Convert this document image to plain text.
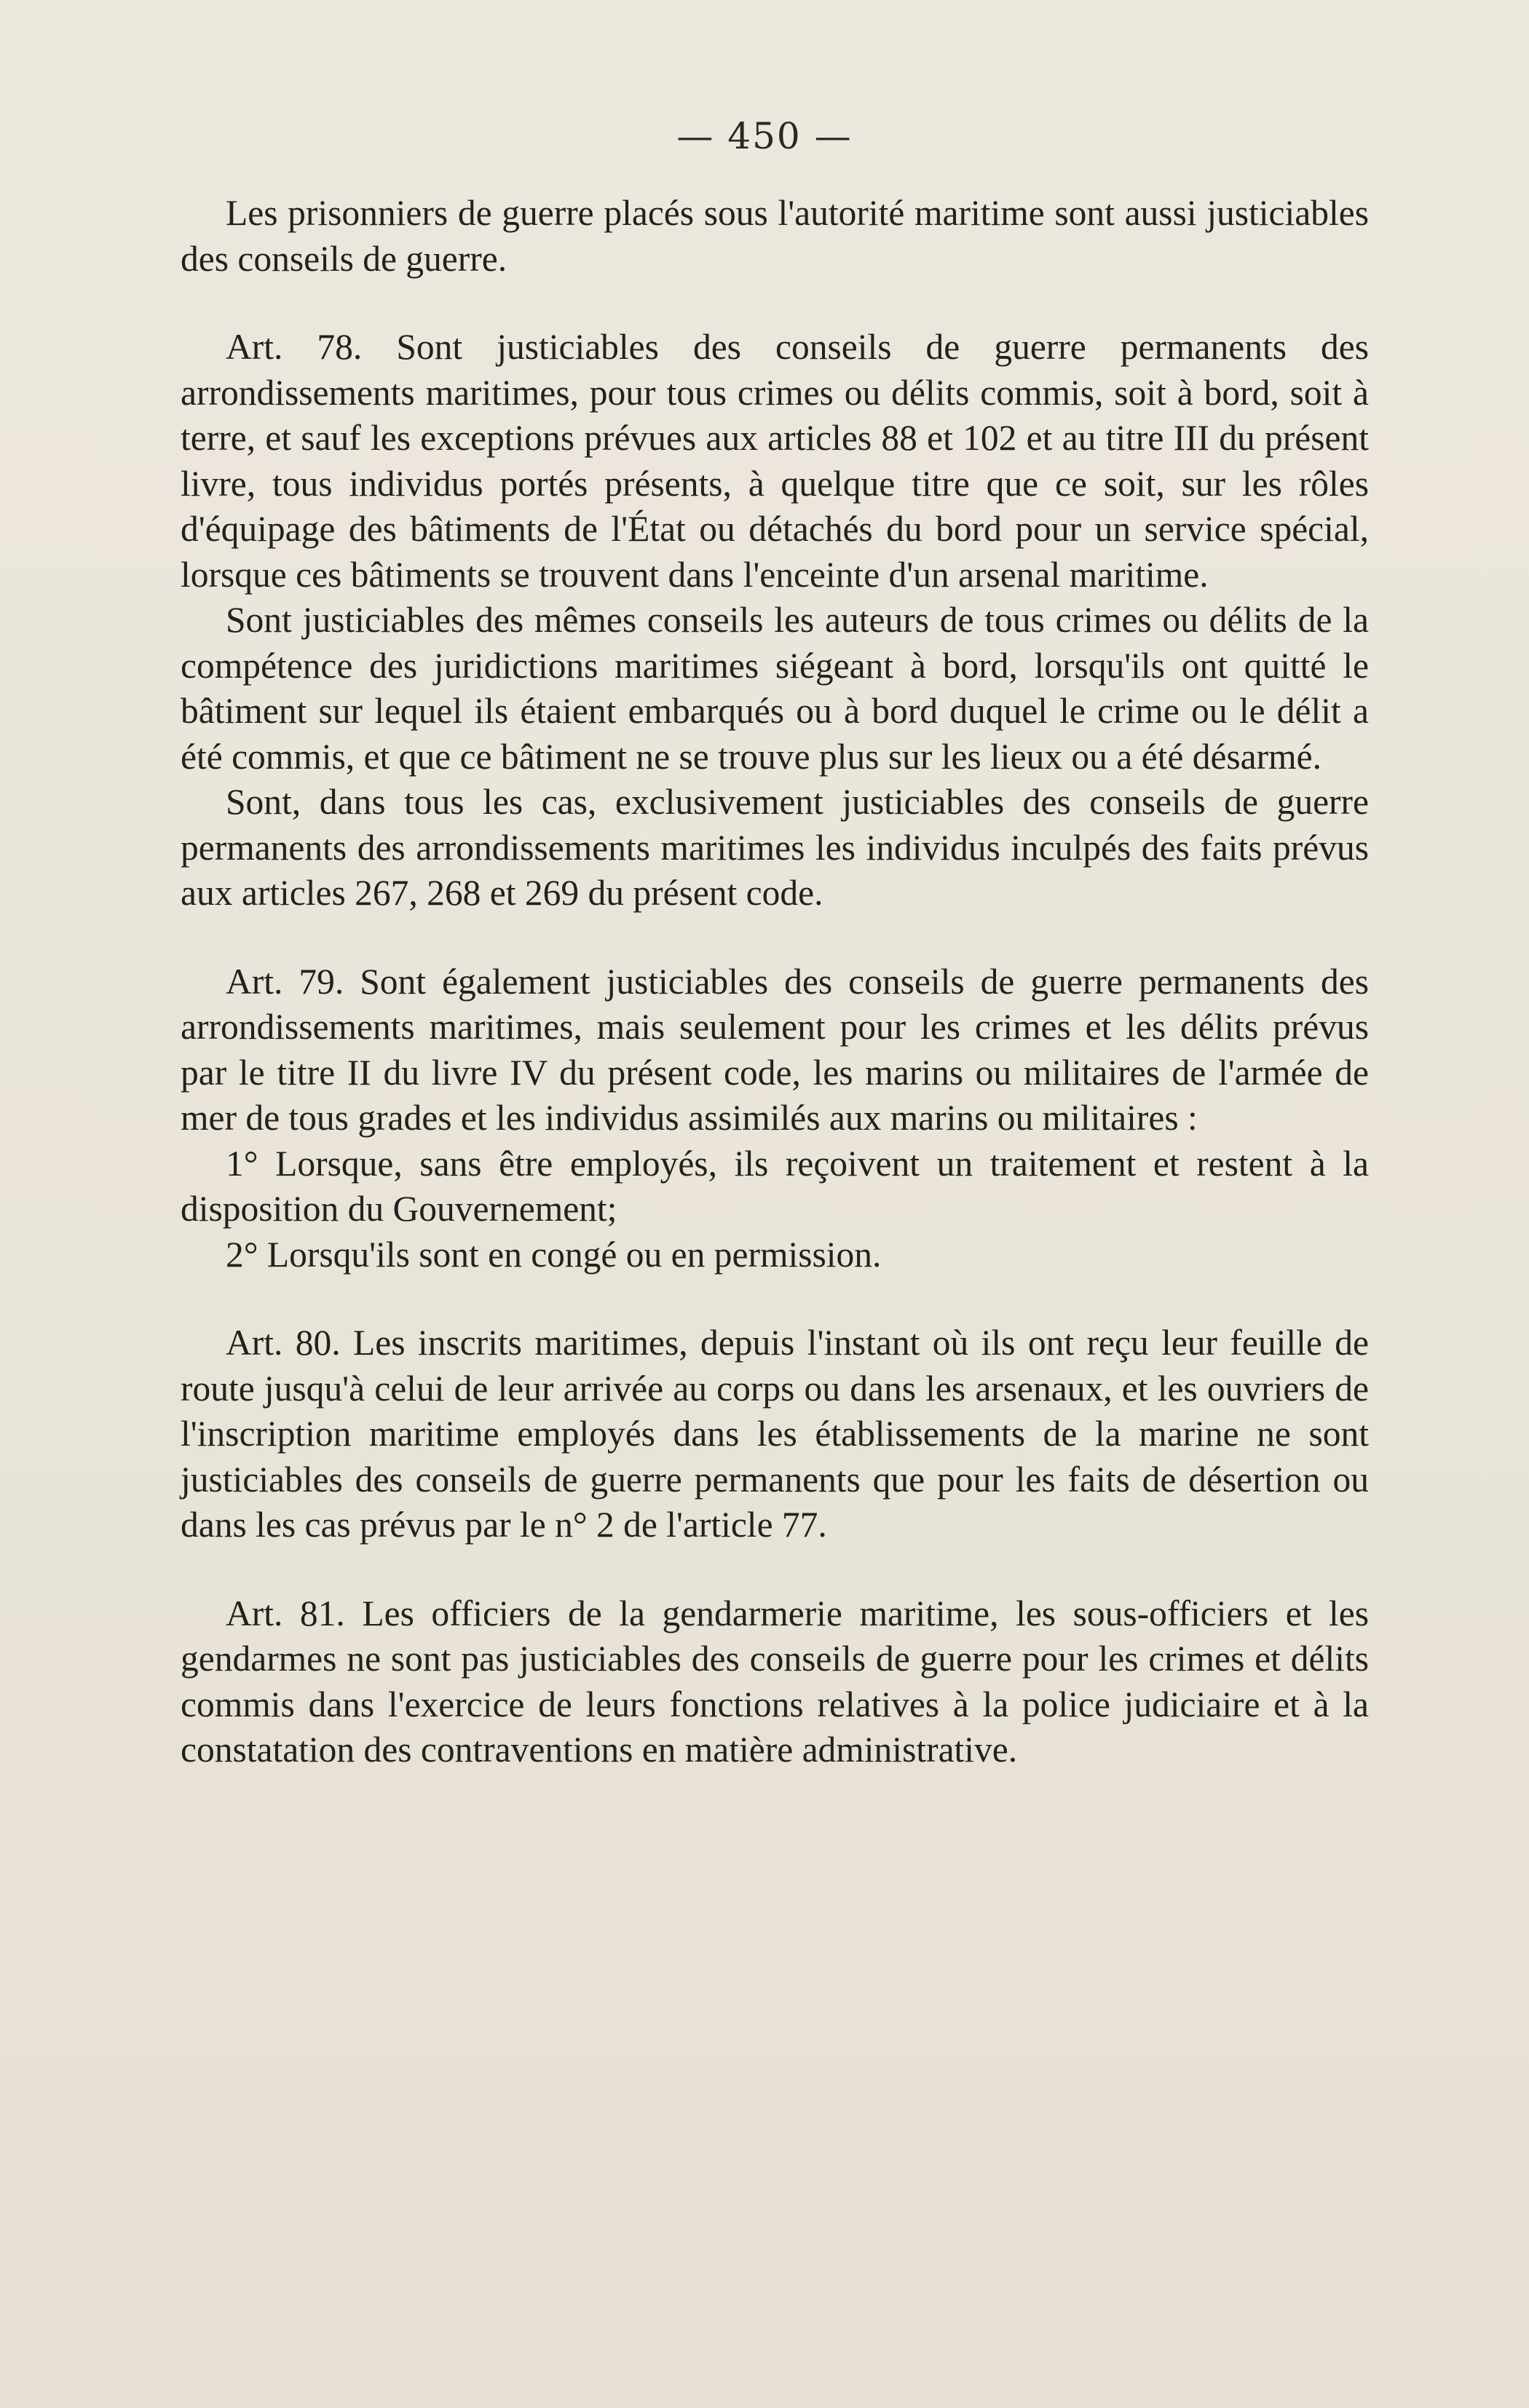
— 450 —

Les prisonniers de guerre placés sous l'autorité maritime sont aussi justiciables des conseils de guerre.

Art. 78. Sont justiciables des conseils de guerre permanents des arrondissements maritimes, pour tous crimes ou délits commis, soit à bord, soit à terre, et sauf les exceptions prévues aux articles 88 et 102 et au titre III du présent livre, tous individus portés présents, à quelque titre que ce soit, sur les rôles d'équipage des bâtiments de l'État ou détachés du bord pour un service spécial, lorsque ces bâtiments se trouvent dans l'enceinte d'un arsenal maritime.

Sont justiciables des mêmes conseils les auteurs de tous crimes ou délits de la compétence des juridictions maritimes siégeant à bord, lorsqu'ils ont quitté le bâtiment sur lequel ils étaient embarqués ou à bord duquel le crime ou le délit a été commis, et que ce bâtiment ne se trouve plus sur les lieux ou a été désarmé.

Sont, dans tous les cas, exclusivement justiciables des conseils de guerre permanents des arrondissements maritimes les individus inculpés des faits prévus aux articles 267, 268 et 269 du présent code.

Art. 79. Sont également justiciables des conseils de guerre permanents des arrondissements maritimes, mais seulement pour les crimes et les délits prévus par le titre II du livre IV du présent code, les marins ou militaires de l'armée de mer de tous grades et les individus assimilés aux marins ou militaires :

1° Lorsque, sans être employés, ils reçoivent un traitement et restent à la disposition du Gouvernement;

2° Lorsqu'ils sont en congé ou en permission.

Art. 80. Les inscrits maritimes, depuis l'instant où ils ont reçu leur feuille de route jusqu'à celui de leur arrivée au corps ou dans les arsenaux, et les ouvriers de l'inscription maritime employés dans les établissements de la marine ne sont justiciables des conseils de guerre permanents que pour les faits de désertion ou dans les cas prévus par le n° 2 de l'article 77.

Art. 81. Les officiers de la gendarmerie maritime, les sous-officiers et les gendarmes ne sont pas justiciables des conseils de guerre pour les crimes et délits commis dans l'exercice de leurs fonctions relatives à la police judiciaire et à la constatation des contraventions en matière administrative.
